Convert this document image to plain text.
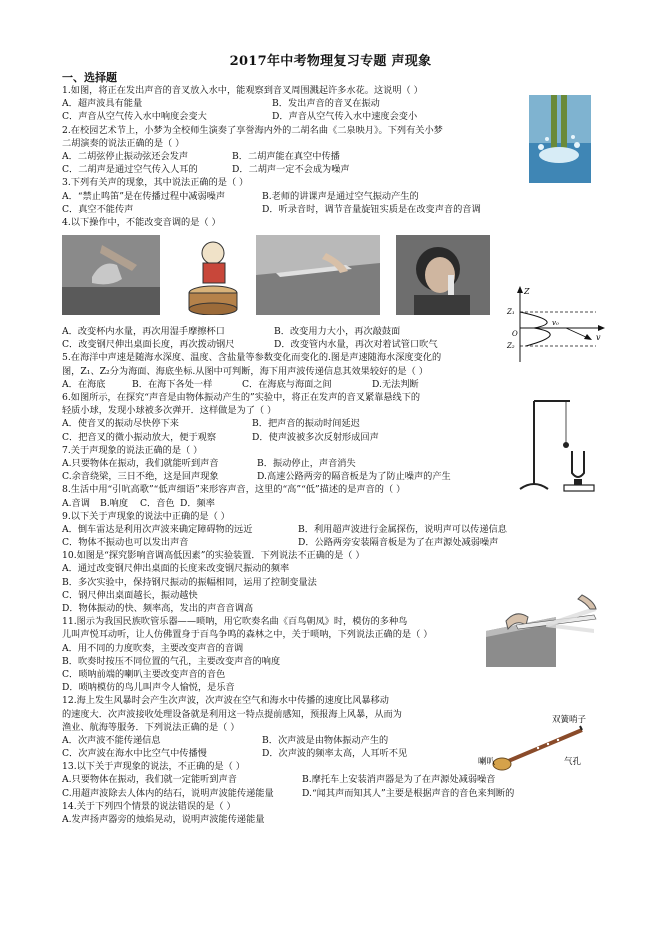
2017年中考物理复习专题 声现象
一、选择题
1.如图，将正在发出声音的音叉放入水中，能观察到音叉周围溅起许多水花。这说明（ ）
A．超声波具有能量	B．发出声音的音叉在振动
C．声音从空气传入水中响度会变大	D．声音从空气传入水中速度会变小
2.在校园艺术节上，小梦为全校师生演奏了享誉海内外的二胡名曲《二泉映月》。下列有关小梦
二胡演奏的说法正确的是（ ）
A．二胡弦停止振动弦还会发声	B．二胡声能在真空中传播
C．二胡声是通过空气传入人耳的	D．二胡声一定不会成为噪声
3.下列有关声的现象，其中说法正确的是（ ）
A．“禁止鸣笛”是在传播过程中减弱噪声	B.老师的讲课声是通过空气振动产生的
C．真空不能传声	D．听录音时，调节音量旋钮实质是在改变声音的音调
4.以下操作中，不能改变音调的是（ ）
A．改变杯内水量，再次用湿手摩擦杯口	B．改变用力大小，再次敲鼓面
C．改变钢尺伸出桌面长度，再次拨动钢尺	D．改变管内水量，再次对着试管口吹气
5.在海洋中声速是随海水深度、温度、含盐量等参数变化而变化的.图是声速随海水深度变化的
图，Z₁、Z₂分为海面、海底坐标.从图中可判断，海下用声波传递信息其效果较好的是（ ）
A．在海底	B．在海下各处一样	C．在海底与海面之间	D.无法判断
6.如图所示，在探究“声音是由物体振动产生的”实验中，将正在发声的音叉紧靠悬线下的
轻质小球，发现小球被多次弹开．这样做是为了（ ）
A．使音叉的振动尽快停下来	B．把声音的振动时间延迟
C．把音叉的微小振动放大，便于观察	D．使声波被多次反射形成回声
7.关于声现象的说法正确的是（ ）
A.只要物体在振动，我们就能听到声音	B．振动停止，声音消失
C.余音绕梁，三日不绝，这是回声现象	D.高速公路两旁的隔音板是为了防止噪声的产生
8.生活中用“引吭高歌”“低声细语”来形容声音，这里的“高”“低”描述的是声音的（ ）
A.音调	B.响度	C．音色 D．频率
9.以下关于声现象的说法中正确的是（ ）
A．倒车雷达是利用次声波来确定障碍物的远近	B．利用超声波进行金属探伤，说明声可以传递信息
C．物体不振动也可以发出声音	D．公路两旁安装隔音板是为了在声源处减弱噪声
10.如图是“探究影响音调高低因素”的实验装置．下列说法不正确的是（ ）
A．通过改变钢尺伸出桌面的长度来改变钢尺振动的频率
B．多次实验中，保持钢尺振动的振幅相同，运用了控制变量法
C．钢尺伸出桌面越长，振动越快
D．物体振动的快、频率高，发出的声音音调高
11.图示为我国民族吹管乐器——唢呐，用它吹奏名曲《百鸟朝凤》时，模仿的多种鸟
儿叫声悦耳动听，让人仿佛置身于百鸟争鸣的森林之中，关于唢呐，下列说法正确的是（ ）
A．用不同的力度吹奏，主要改变声音的音调
B．吹奏时按压不同位置的气孔，主要改变声音的响度
C．唢呐前端的喇叭主要改变声音的音色
D．唢呐模仿的鸟儿叫声令人愉悦，是乐音
12.海上发生风暴时会产生次声波，次声波在空气和海水中传播的速度比风暴移动
的速度大．次声波接收处理设备就是利用这一特点提前感知，预报海上风暴，从而为
渔业、航海等服务．下列说法正确的是（ ）
A．次声波不能传递信息	B．次声波是由物体振动产生的
C．次声波在海水中比空气中传播慢	D．次声波的频率太高，人耳听不见
13.以下关于声现象的说法，不正确的是（ ）
A.只要物体在振动，我们就一定能听到声音	B.摩托车上安装消声器是为了在声源处减弱噪音
C.用超声波除去人体内的结石，说明声波能传递能量	D.“闻其声而知其人”主要是根据声音的音色来判断的
14.关于下列四个情景的说法错误的是（ ）
A.发声扬声器旁的烛焰晃动，说明声波能传递能量
Z
Z₁
Z₂
v₀
v
O
双簧哨子
喇叭	气孔
